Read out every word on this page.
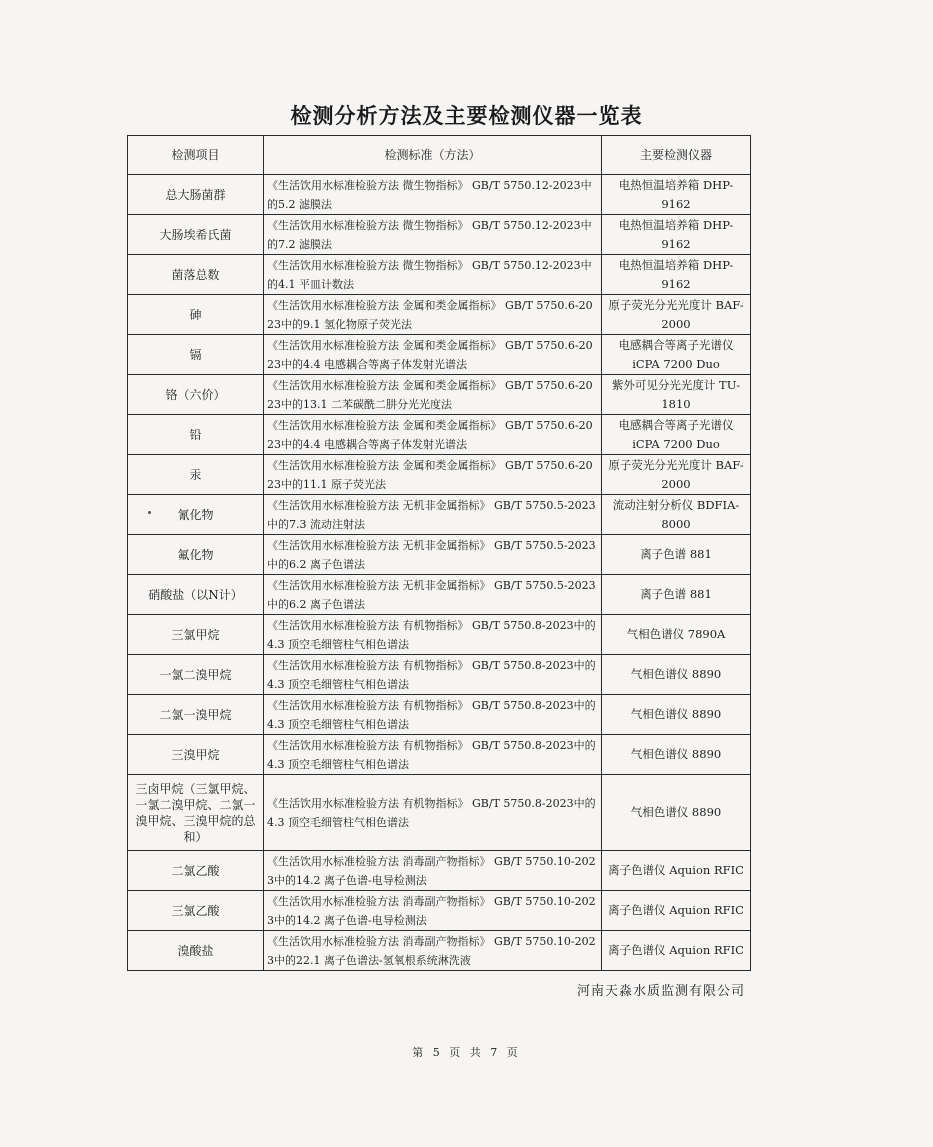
检测分析方法及主要检测仪器一览表
检测项目	检测标准（方法）	主要检测仪器
总大肠菌群	《生活饮用水标准检验方法 微生物指标》 GB/T 5750.12-2023中的5.2 滤膜法	电热恒温培养箱 DHP-9162
大肠埃希氏菌	《生活饮用水标准检验方法 微生物指标》 GB/T 5750.12-2023中的7.2 滤膜法	电热恒温培养箱 DHP-9162
菌落总数	《生活饮用水标准检验方法 微生物指标》 GB/T 5750.12-2023中的4.1 平皿计数法	电热恒温培养箱 DHP-9162
砷	《生活饮用水标准检验方法 金属和类金属指标》 GB/T 5750.6-2023中的9.1 氢化物原子荧光法	原子荧光分光光度计 BAF-2000
镉	《生活饮用水标准检验方法 金属和类金属指标》 GB/T 5750.6-2023中的4.4 电感耦合等离子体发射光谱法	电感耦合等离子光谱仪 iCPA 7200 Duo
铬（六价）	《生活饮用水标准检验方法 金属和类金属指标》 GB/T 5750.6-2023中的13.1 二苯碳酰二肼分光光度法	紫外可见分光光度计 TU-1810
铅	《生活饮用水标准检验方法 金属和类金属指标》 GB/T 5750.6-2023中的4.4 电感耦合等离子体发射光谱法	电感耦合等离子光谱仪 iCPA 7200 Duo
汞	《生活饮用水标准检验方法 金属和类金属指标》 GB/T 5750.6-2023中的11.1 原子荧光法	原子荧光分光光度计 BAF-2000
氰化物	《生活饮用水标准检验方法 无机非金属指标》 GB/T 5750.5-2023中的7.3 流动注射法	流动注射分析仪 BDFIA-8000
氟化物	《生活饮用水标准检验方法 无机非金属指标》 GB/T 5750.5-2023中的6.2 离子色谱法	离子色谱 881
硝酸盐（以N计）	《生活饮用水标准检验方法 无机非金属指标》 GB/T 5750.5-2023中的6.2 离子色谱法	离子色谱 881
三氯甲烷	《生活饮用水标准检验方法 有机物指标》 GB/T 5750.8-2023中的4.3 顶空毛细管柱气相色谱法	气相色谱仪 7890A
一氯二溴甲烷	《生活饮用水标准检验方法 有机物指标》 GB/T 5750.8-2023中的4.3 顶空毛细管柱气相色谱法	气相色谱仪 8890
二氯一溴甲烷	《生活饮用水标准检验方法 有机物指标》 GB/T 5750.8-2023中的4.3 顶空毛细管柱气相色谱法	气相色谱仪 8890
三溴甲烷	《生活饮用水标准检验方法 有机物指标》 GB/T 5750.8-2023中的4.3 顶空毛细管柱气相色谱法	气相色谱仪 8890
三卤甲烷（三氯甲烷、一氯二溴甲烷、二氯一溴甲烷、三溴甲烷的总和）	《生活饮用水标准检验方法 有机物指标》 GB/T 5750.8-2023中的4.3 顶空毛细管柱气相色谱法	气相色谱仪 8890
二氯乙酸	《生活饮用水标准检验方法 消毒副产物指标》 GB/T 5750.10-2023中的14.2 离子色谱-电导检测法	离子色谱仪 Aquion RFIC
三氯乙酸	《生活饮用水标准检验方法 消毒副产物指标》 GB/T 5750.10-2023中的14.2 离子色谱-电导检测法	离子色谱仪 Aquion RFIC
溴酸盐	《生活饮用水标准检验方法 消毒副产物指标》 GB/T 5750.10-2023中的22.1 离子色谱法-氢氧根系统淋洗液	离子色谱仪 Aquion RFIC
河南天淼水质监测有限公司
第 5 页 共 7 页
